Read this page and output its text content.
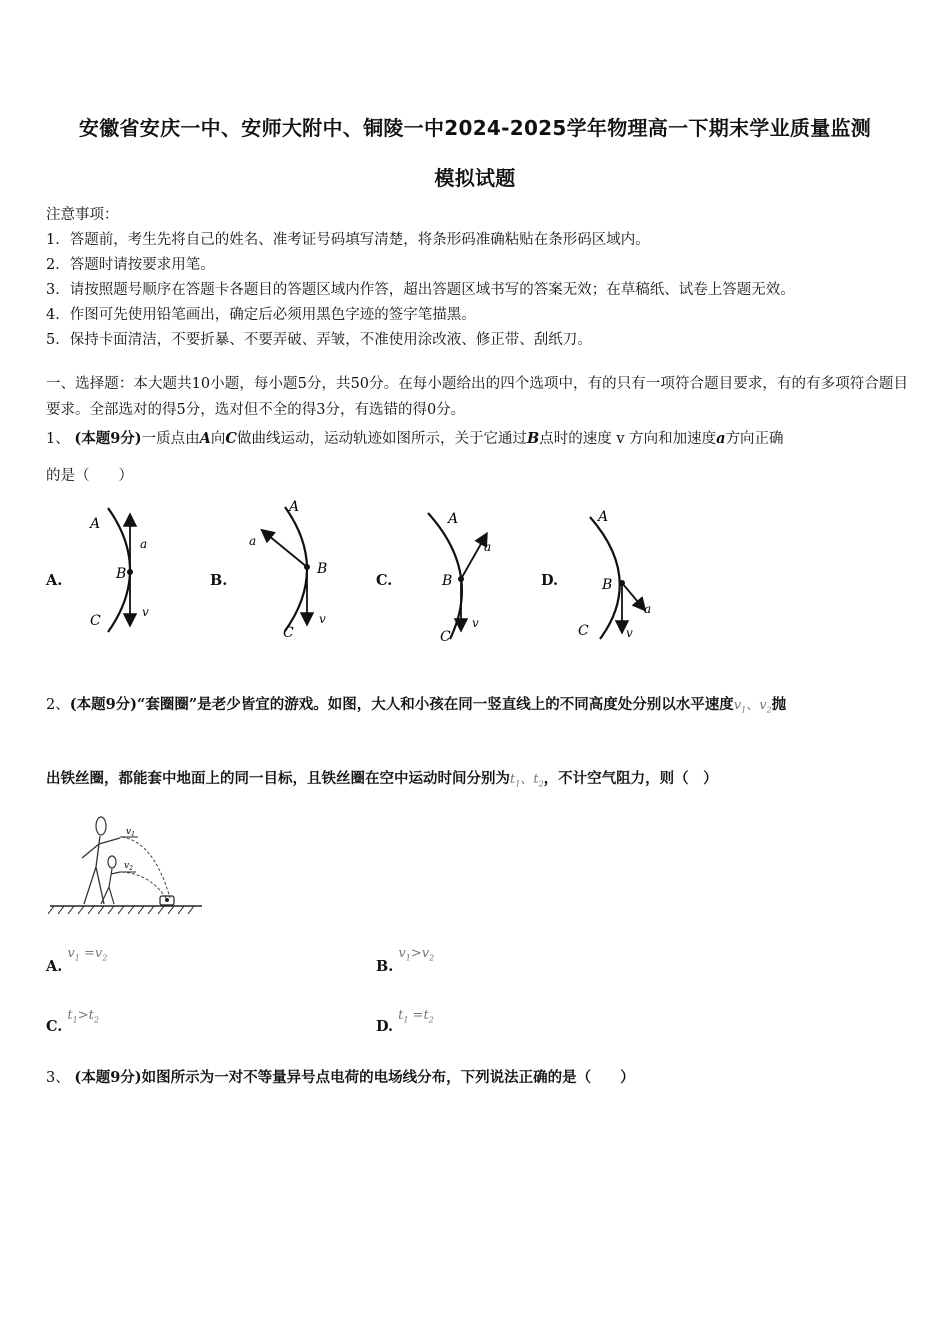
安徽省安庆一中、安师大附中、铜陵一中2024-2025学年物理高一下期末学业质量监测
模拟试题
注意事项：
1．答题前，考生先将自己的姓名、准考证号码填写清楚，将条形码准确粘贴在条形码区域内。
2．答题时请按要求用笔。
3．请按照题号顺序在答题卡各题目的答题区域内作答，超出答题区域书写的答案无效；在草稿纸、试卷上答题无效。
4．作图可先使用铅笔画出，确定后必须用黑色字迹的签字笔描黑。
5．保持卡面清洁，不要折暴、不要弄破、弄皱，不准使用涂改液、修正带、刮纸刀。
一、选择题：本大题共10小题，每小题5分，共50分。在每小题给出的四个选项中，有的只有一项符合题目要求，有的有多项符合题目要求。全部选对的得5分，选对但不全的得3分，有选错的得0分。
1、 (本题9分)一质点由A向C做曲线运动，运动轨迹如图所示，关于它通过B点时的速度 v 方向和加速度a方向正确
的是（　　）
A.	B.	C.	D.
A
B
C
a
v
A
B
C
a
v
A
B
C
a
v
A
B
C
a
v
2、(本题9分)“套圈圈”是老少皆宜的游戏。如图，大人和小孩在同一竖直线上的不同高度处分别以水平速度$v_1$、$v_2$抛
出铁丝圈，都能套中地面上的同一目标，且铁丝圈在空中运动时间分别为$t_1$、$t_2$，不计空气阻力，则（　）
$v_1$
$v_2$
A. $v_1 =v_2$	B. $v_1>v_2$
C. $t_1>t_2$	D. $t_1 =t_2$
3、 (本题9分)如图所示为一对不等量异号点电荷的电场线分布，下列说法正确的是（　　）
